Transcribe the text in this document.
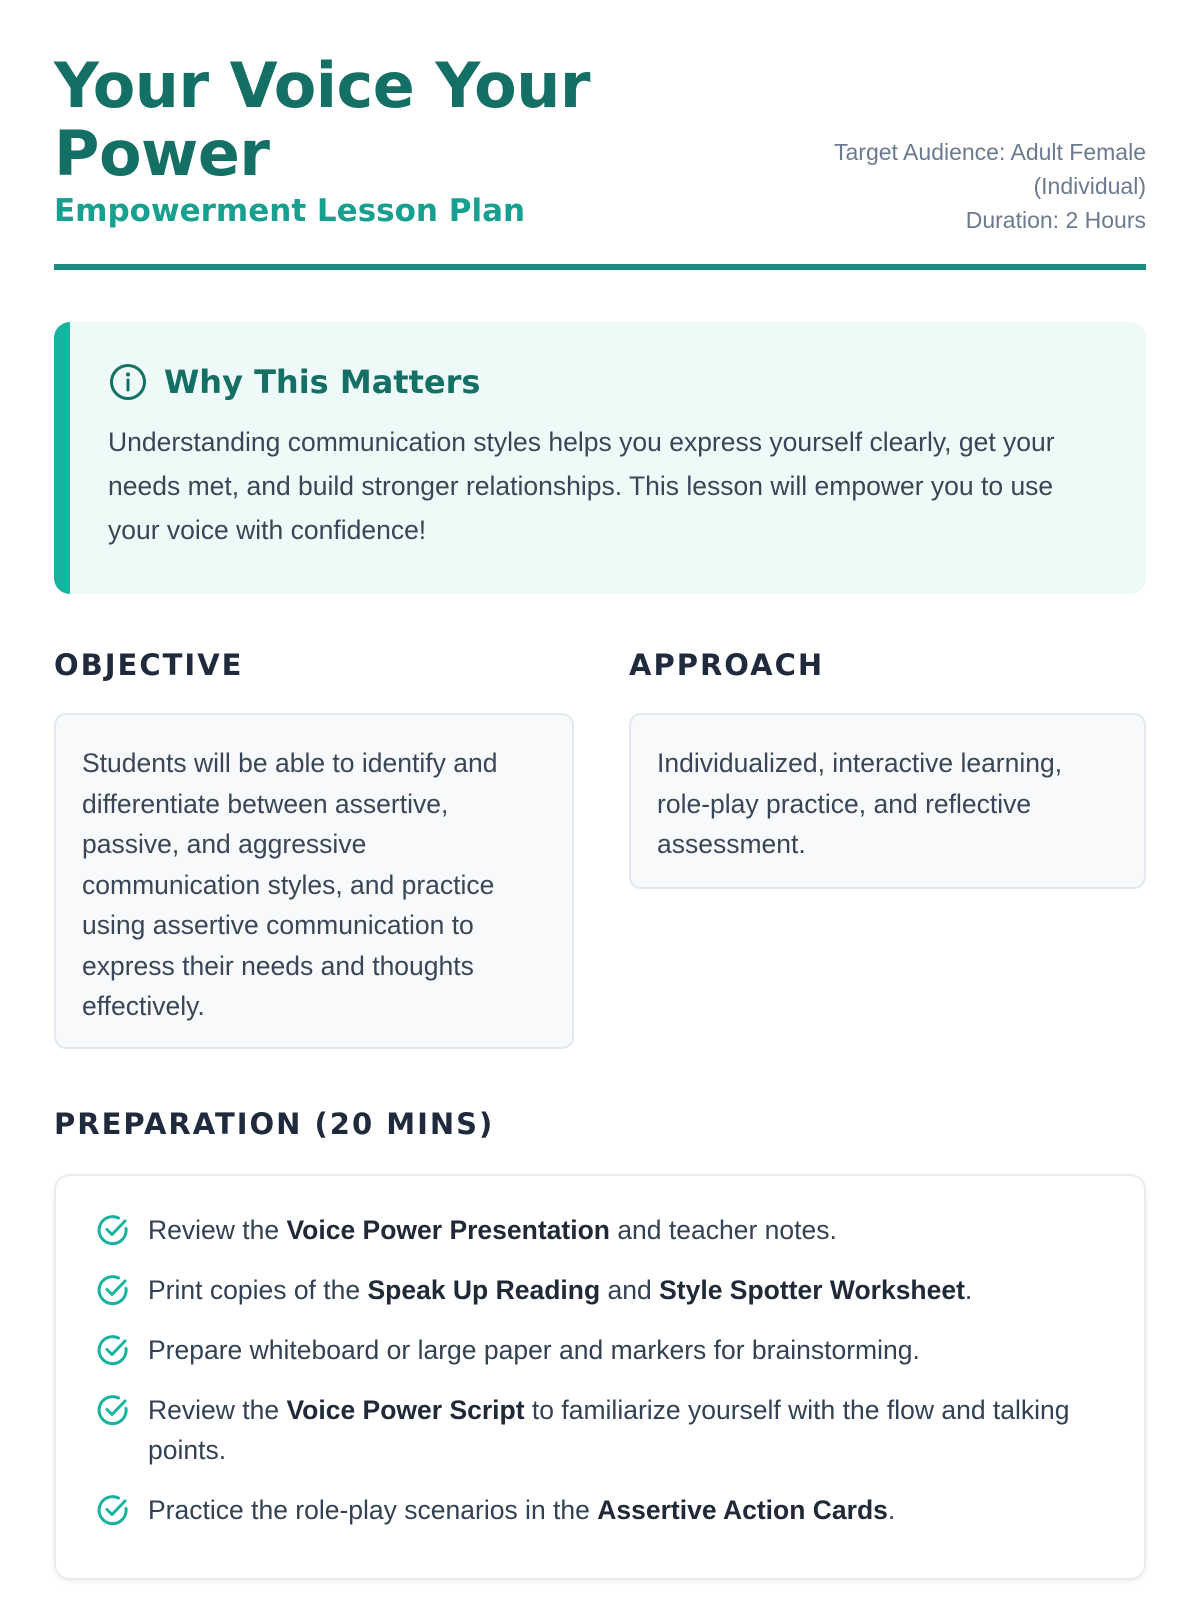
Your Voice Your Power
Empowerment Lesson Plan
Target Audience: Adult Female
(Individual)
Duration: 2 Hours
Why This Matters

Understanding communication styles helps you express yourself clearly, get your needs met, and build stronger relationships. This lesson will empower you to use your voice with confidence!

OBJECTIVE

Students will be able to identify and differentiate between assertive, passive, and aggressive communication styles, and practice using assertive communication to express their needs and thoughts effectively.

APPROACH

Individualized, interactive learning, role-play practice, and reflective assessment.

PREPARATION (20 MINS)
Review the Voice Power Presentation and teacher notes.
Print copies of the Speak Up Reading and Style Spotter Worksheet.
Prepare whiteboard or large paper and markers for brainstorming.
Review the Voice Power Script to familiarize yourself with the flow and talking points.
Practice the role-play scenarios in the Assertive Action Cards.
